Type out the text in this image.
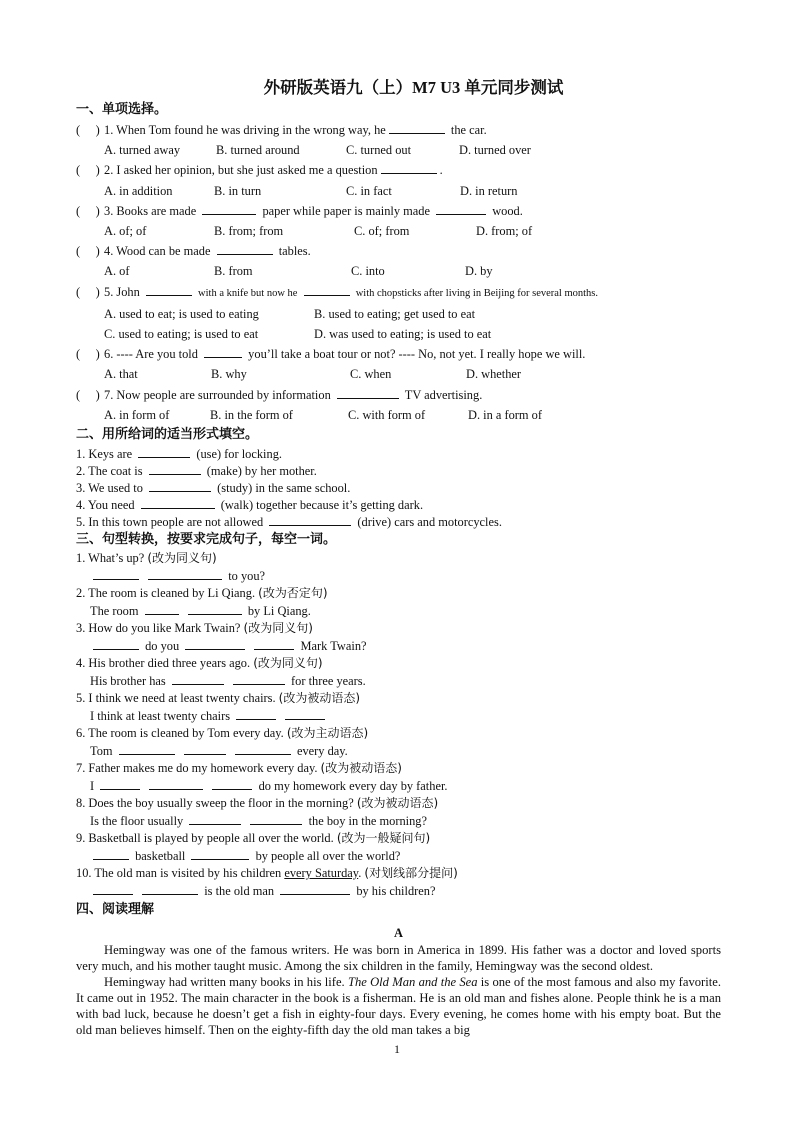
外研版英语九（上）M7 U3 单元同步测试
一、单项选择。
( ) 1. When Tom found he was driving in the wrong way, he	the car.
A. turned away	B. turned around	C. turned out	D. turned over
( ) 2. I asked her opinion, but she just asked me a question	.
A. in addition	B. in turn	C. in fact	D. in return
( ) 3. Books are made	paper while paper is mainly made	wood.
A. of; of	B. from; from	C. of; from	D. from; of
( ) 4. Wood can be made	tables.
A. of	B. from	C. into	D. by
( ) 5. John	with a knife but now he	with chopsticks after living in Beijing for several months.
A. used to eat; is used to eating	B. used to eating; get used to eat
C. used to eating; is used to eat	D. was used to eating; is used to eat
( ) 6. ---- Are you told	you’ll take a boat tour or not? ---- No, not yet. I really hope we will.
A. that	B. why	C. when	D. whether
( ) 7. Now people are surrounded by information	TV advertising.
A. in form of	B. in the form of	C. with form of	D. in a form of
二、用所给词的适当形式填空。
1. Keys are	(use) for locking.
2. The coat is	(make) by her mother.
3. We used to	(study) in the same school.
4. You need	(walk) together because it’s getting dark.
5. In this town people are not allowed	(drive) cars and motorcycles.
三、句型转换，按要求完成句子，每空一词。
1. What’s up? (改为同义句)
to you?
2. The room is cleaned by Li Qiang. (改为否定句)
The room	by Li Qiang.
3. How do you like Mark Twain? (改为同义句)
do you	Mark Twain?
4. His brother died three years ago. (改为同义句)
His brother has	for three years.
5. I think we need at least twenty chairs. (改为被动语态)
I think at least twenty chairs
6. The room is cleaned by Tom every day. (改为主动语态)
Tom	every day.
7. Father makes me do my homework every day. (改为被动语态)
I	do my homework every day by father.
8. Does the boy usually sweep the floor in the morning? (改为被动语态)
Is the floor usually	the boy in the morning?
9. Basketball is played by people all over the world. (改为一般疑问句)
basketball	by people all over the world?
10. The old man is visited by his children every Saturday. (对划线部分提问)
is the old man	by his children?
四、阅读理解
A
Hemingway was one of the famous writers. He was born in America in 1899. His father was a doctor and loved sports very much, and his mother taught music. Among the six children in the family, Hemingway was the second oldest.
Hemingway had written many books in his life. The Old Man and the Sea is one of the most famous and also my favorite. It came out in 1952. The main character in the book is a fisherman. He is an old man and fishes alone. People think he is a man with bad luck, because he doesn’t get a fish in eighty-four days. Every evening, he comes home with his empty boat. But the old man believes himself. Then on the eighty-fifth day the old man takes a big
1
